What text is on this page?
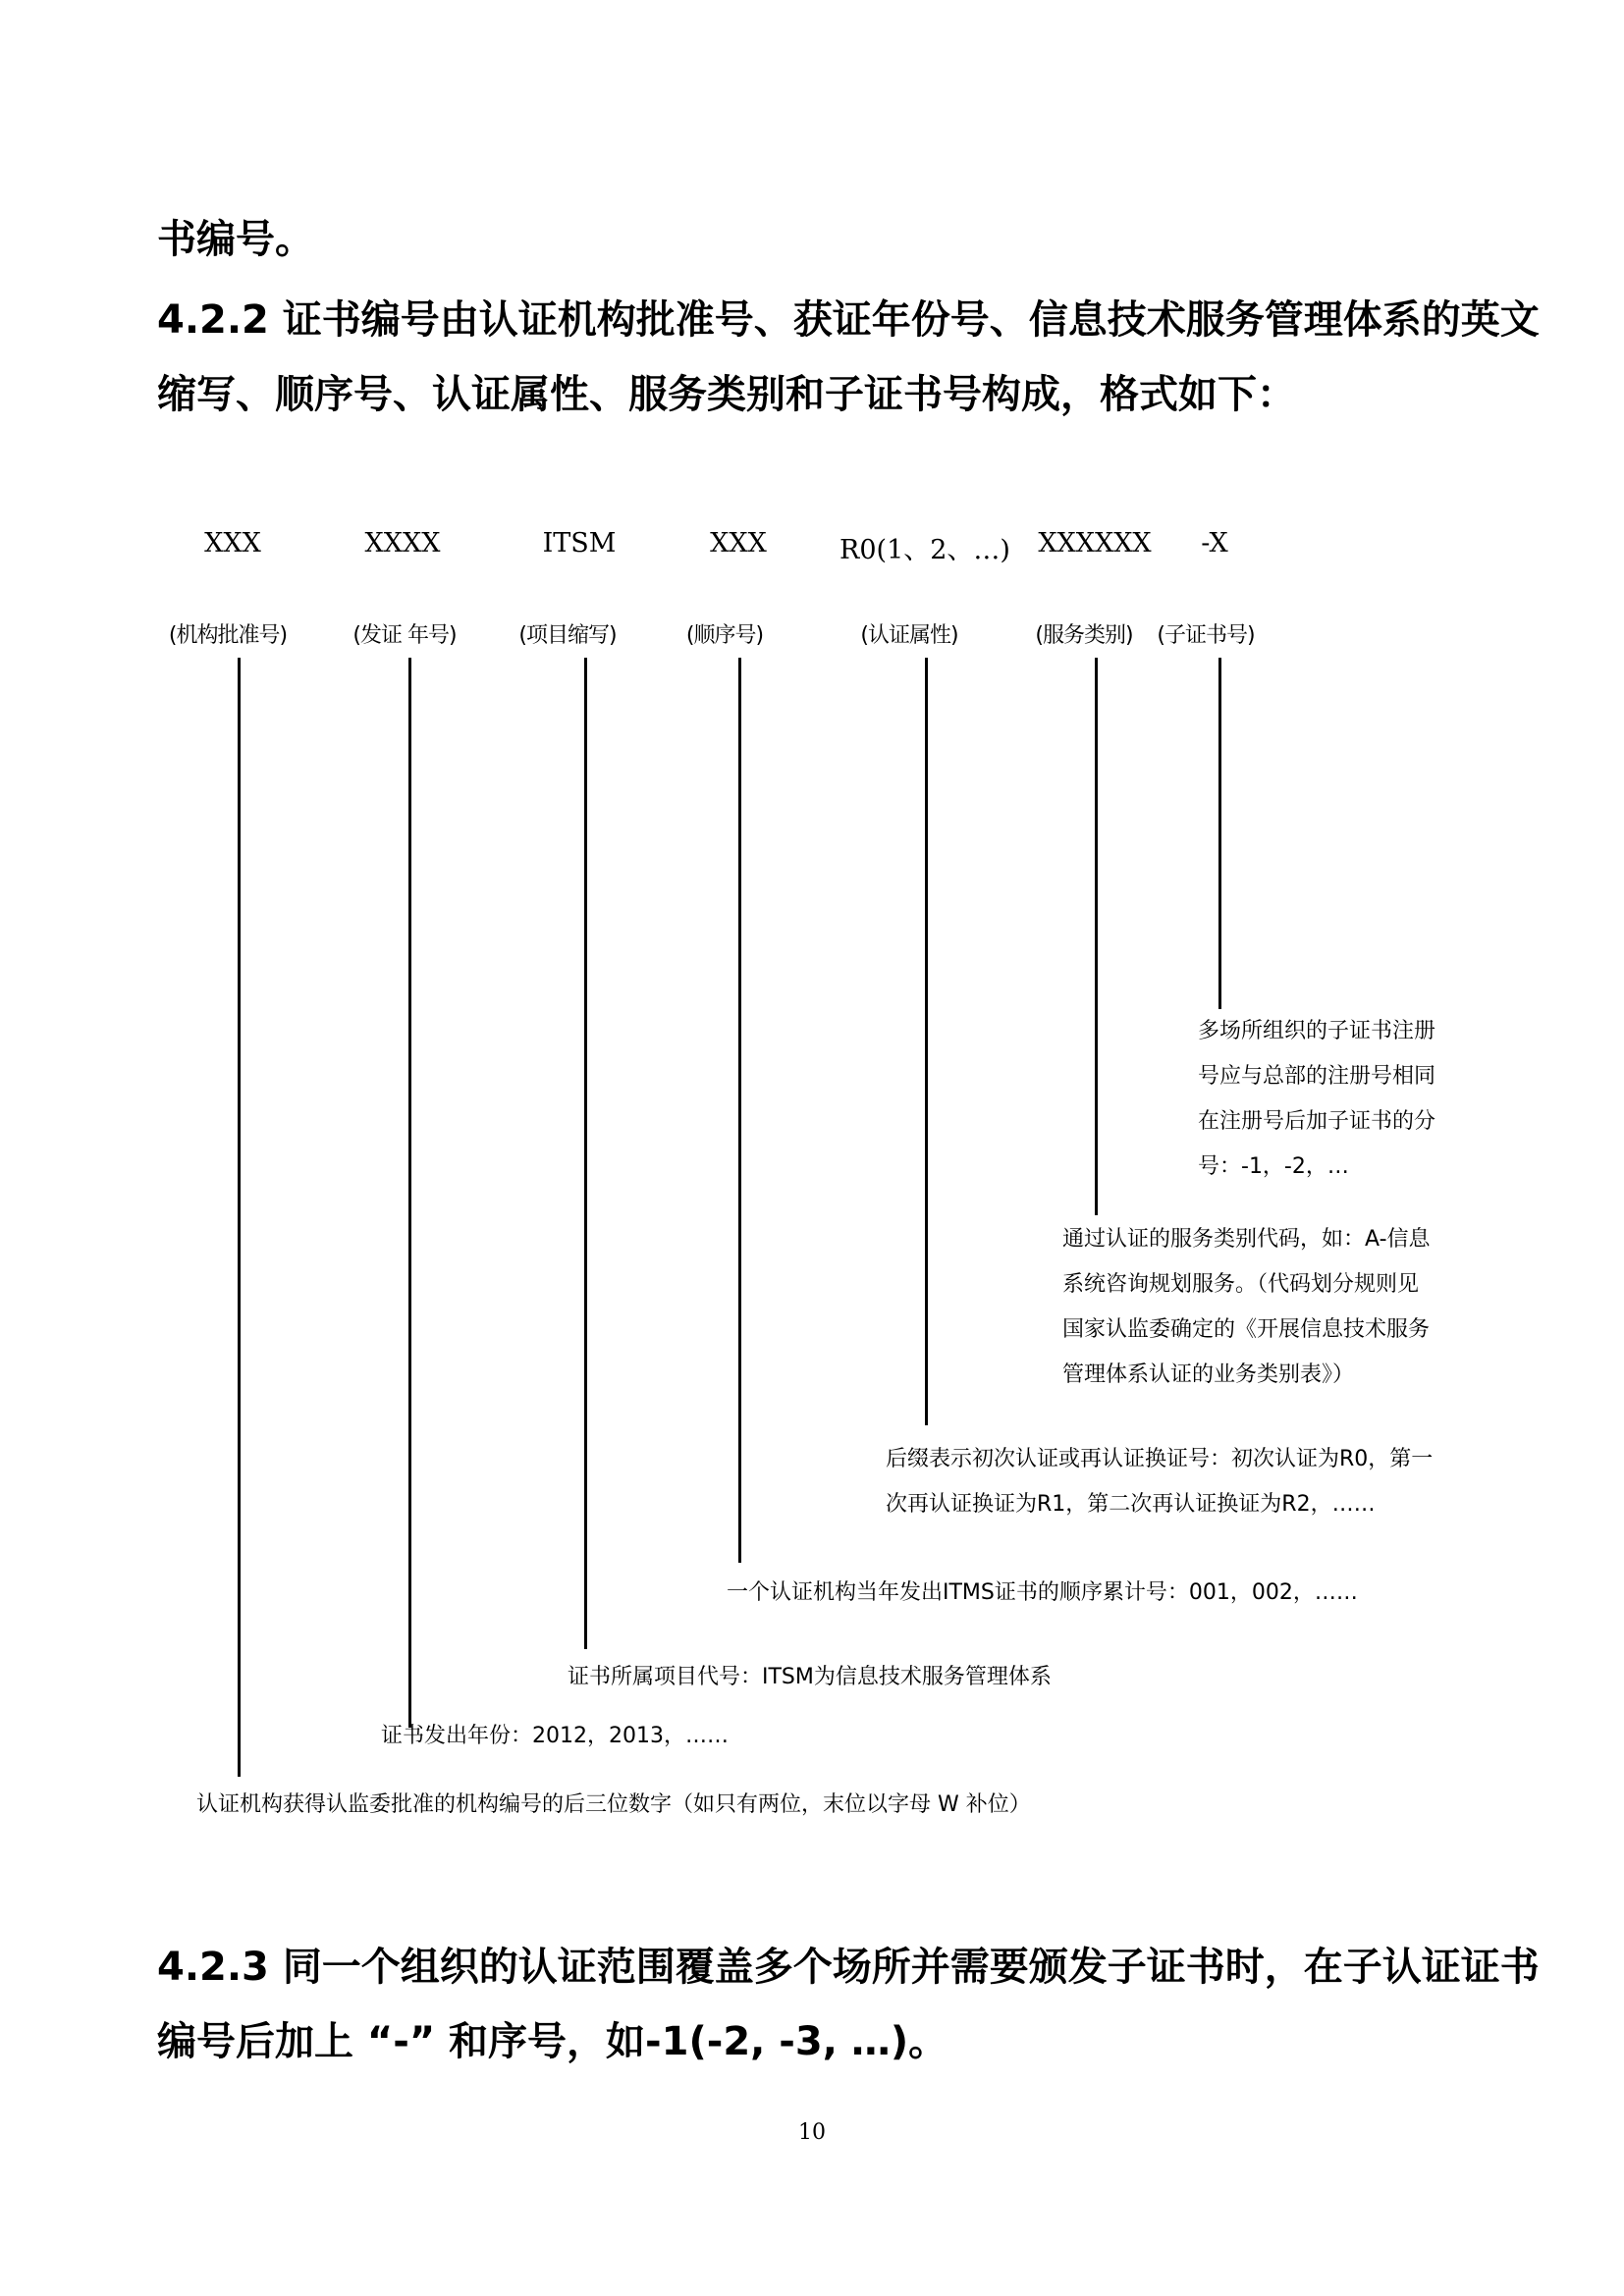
书编号。
4.2.2 证书编号由认证机构批准号、获证年份号、信息技术服务管理体系的英文
缩写、顺序号、认证属性、服务类别和子证书号构成，格式如下：
XXX	XXXX	ITSM	XXX	R0(1、2、…) XXXXXX -X
(机构批准号)	(发证 年号)	(项目缩写)	(顺序号)	(认证属性)	(服务类别) (子证书号)
多场所组织的子证书注册
号应与总部的注册号相同
在注册号后加子证书的分
号：-1，-2，…
通过认证的服务类别代码，如：A-信息
系统咨询规划服务。（代码划分规则见
国家认监委确定的《开展信息技术服务
管理体系认证的业务类别表》）
后缀表示初次认证或再认证换证号：初次认证为R0，第一
次再认证换证为R1，第二次再认证换证为R2，……
一个认证机构当年发出ITMS证书的顺序累计号：001，002，……
证书所属项目代号：ITSM为信息技术服务管理体系
证书发出年份：2012，2013，……
认证机构获得认监委批准的机构编号的后三位数字（如只有两位，末位以字母 W 补位）
4.2.3 同一个组织的认证范围覆盖多个场所并需要颁发子证书时，在子认证证书
编号后加上 “-” 和序号，如-1(-2, -3, …)。
10
